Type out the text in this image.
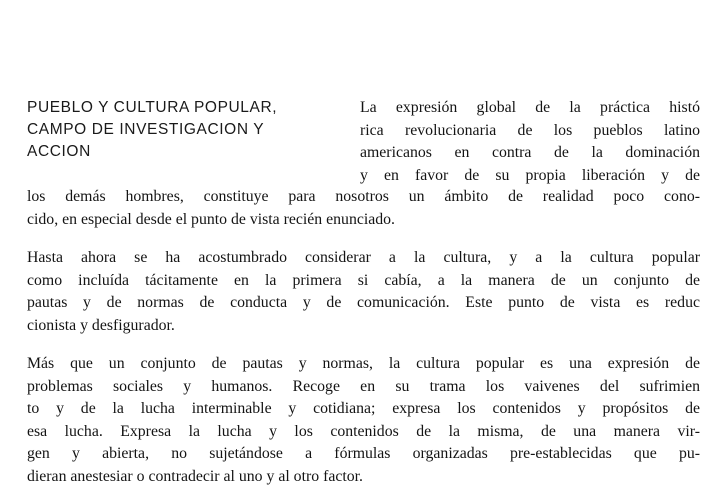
PUEBLO Y CULTURA POPULAR,
CAMPO DE INVESTIGACION Y
ACCION
La expresión global de la práctica histó
rica revolucionaria de los pueblos latino
americanos en contra de la dominación
y en favor de su propia liberación y de
los demás hombres, constituye para nosotros un ámbito de realidad poco cono-
cido, en especial desde el punto de vista recién enunciado.
Hasta ahora se ha acostumbrado considerar a la cultura, y a la cultura popular
como incluída tácitamente en la primera si cabía, a la manera de un conjunto de
pautas y de normas de conducta y de comunicación. Este punto de vista es reduc
cionista y desfigurador.
Más que un conjunto de pautas y normas, la cultura popular es una expresión de
problemas sociales y humanos. Recoge en su trama los vaivenes del sufrimien
to y de la lucha interminable y cotidiana; expresa los contenidos y propósitos de
esa lucha. Expresa la lucha y los contenidos de la misma, de una manera vir-
gen y abierta, no sujetándose a fórmulas organizadas pre-establecidas que pu-
dieran anestesiar o contradecir al uno y al otro factor.
